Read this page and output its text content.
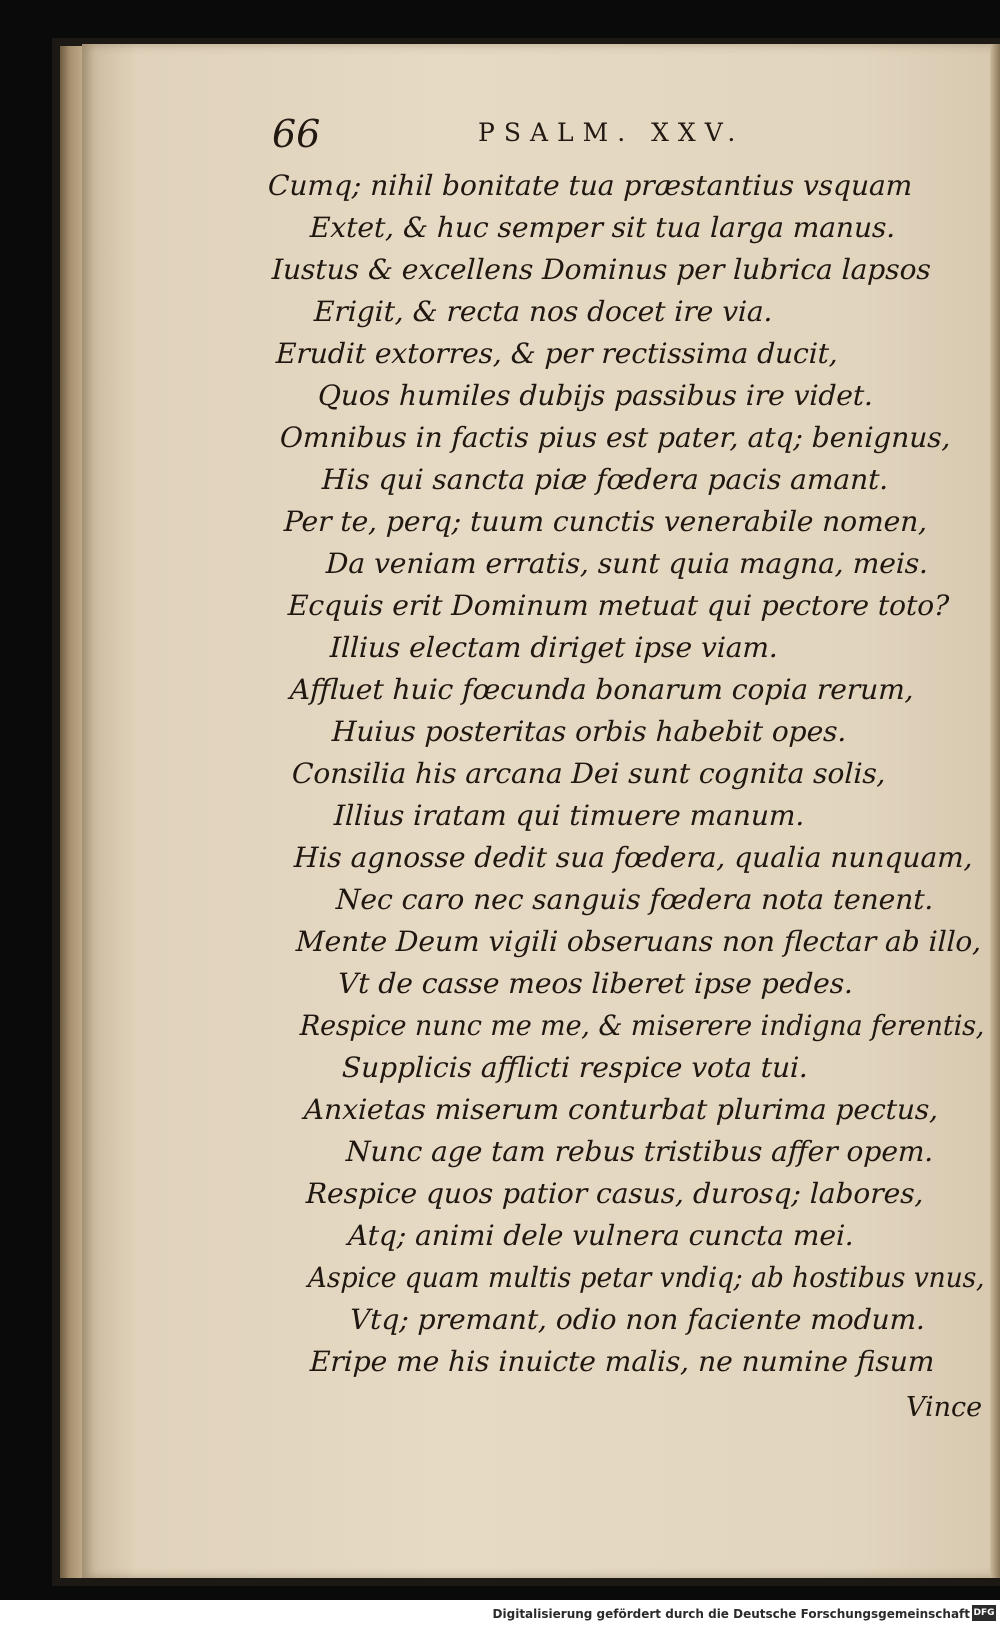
66	PSALM. XXV.
Cumq; nihil bonitate tua præstantius vsquam
Extet, & huc semper sit tua larga manus.
Iustus & excellens Dominus per lubrica lapsos
Erigit, & recta nos docet ire via.
Erudit extorres, & per rectissima ducit,
Quos humiles dubijs passibus ire videt.
Omnibus in factis pius est pater, atq; benignus,
His qui sancta piæ fœdera pacis amant.
Per te, perq; tuum cunctis venerabile nomen,
Da veniam erratis, sunt quia magna, meis.
Ecquis erit Dominum metuat qui pectore toto?
Illius electam diriget ipse viam.
Affluet huic fœcunda bonarum copia rerum,
Huius posteritas orbis habebit opes.
Consilia his arcana Dei sunt cognita solis,
Illius iratam qui timuere manum.
His agnosse dedit sua fœdera, qualia nunquam,
Nec caro nec sanguis fœdera nota tenent.
Mente Deum vigili obseruans non flectar ab illo,
Vt de casse meos liberet ipse pedes.
Respice nunc me me, & miserere indigna ferentis,
Supplicis afflicti respice vota tui.
Anxietas miserum conturbat plurima pectus,
Nunc age tam rebus tristibus affer opem.
Respice quos patior casus, durosq; labores,
Atq; animi dele vulnera cuncta mei.
Aspice quam multis petar vndiq; ab hostibus vnus,
Vtq; premant, odio non faciente modum.
Eripe me his inuicte malis, ne numine fisum
Vince
Digitalisierung gefördert durch die Deutsche Forschungsgemeinschaft DFG
